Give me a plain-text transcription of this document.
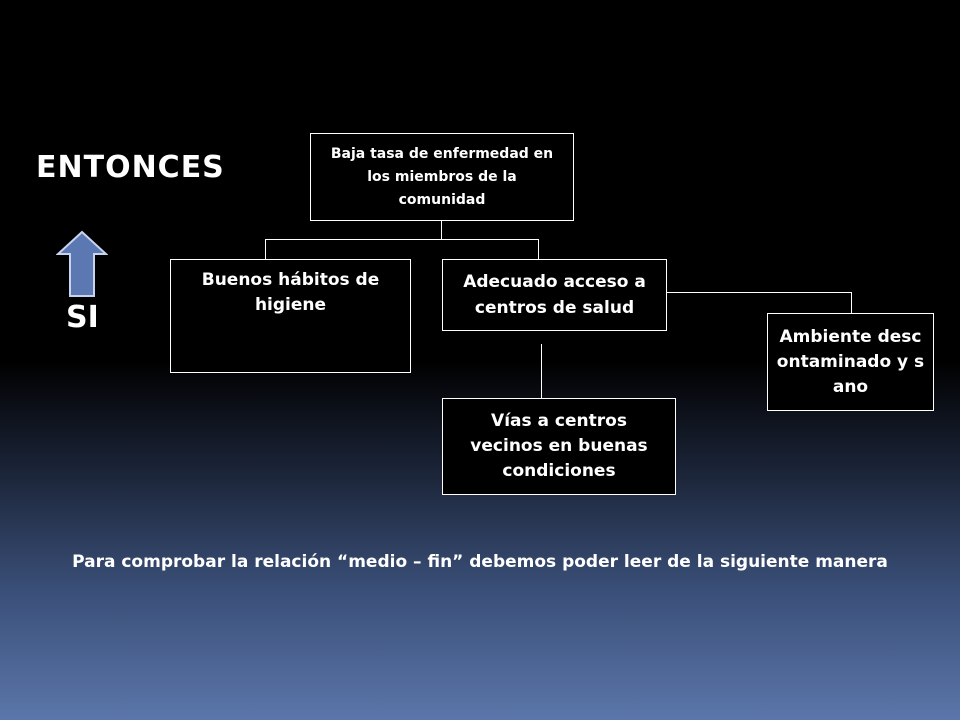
ENTONCES
SI
Baja tasa de enfermedad en los miembros de la comunidad
Buenos hábitos de higiene
Adecuado acceso a centros de salud
Ambiente descontaminado y sano
Vías a centros vecinos en buenas condiciones
Para comprobar la relación “medio – fin” debemos poder leer de la siguiente manera
